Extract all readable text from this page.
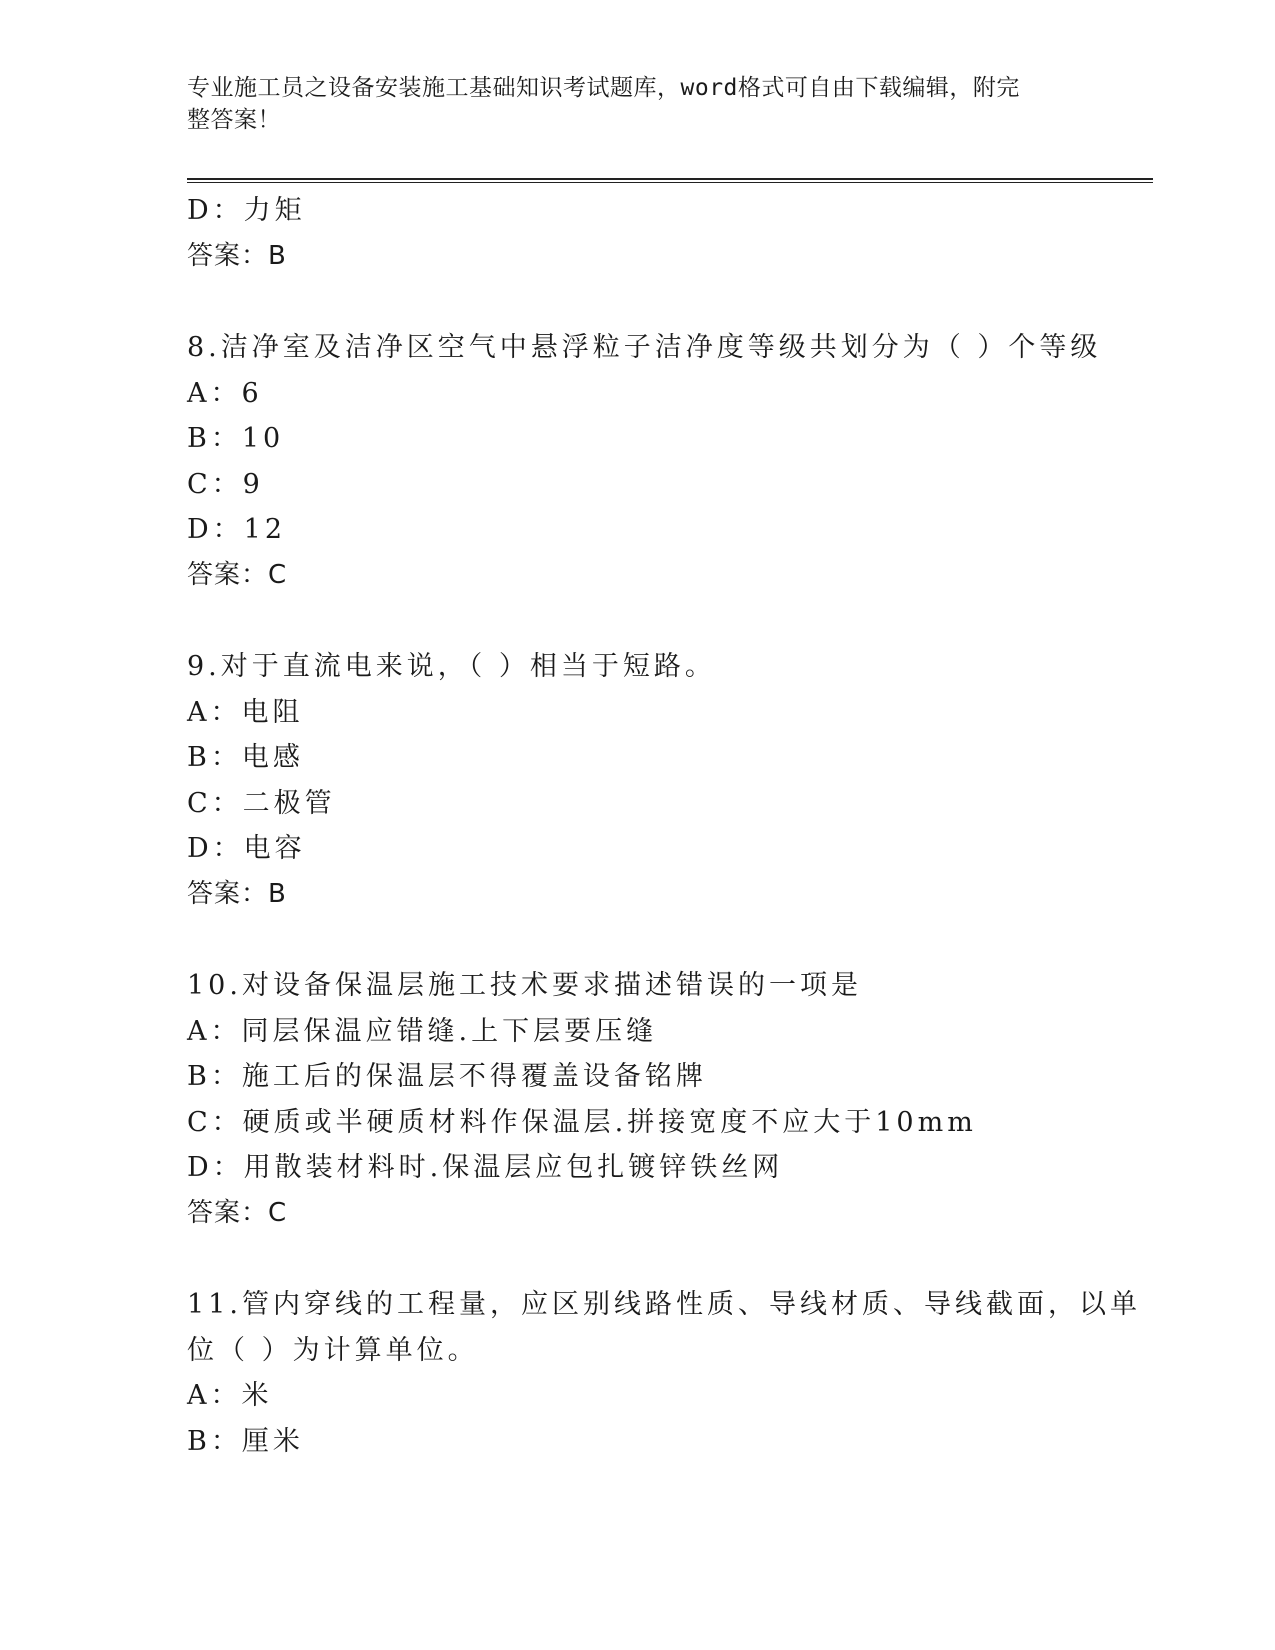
专业施工员之设备安装施工基础知识考试题库，word格式可自由下载编辑，附完
整答案！
D：力矩
答案：B
8.洁净室及洁净区空气中悬浮粒子洁净度等级共划分为（ ）个等级
A：6
B：10
C：9
D：12
答案：C
9.对于直流电来说，（ ）相当于短路。
A：电阻
B：电感
C：二极管
D：电容
答案：B
10.对设备保温层施工技术要求描述错误的一项是
A：同层保温应错缝.上下层要压缝
B：施工后的保温层不得覆盖设备铭牌
C：硬质或半硬质材料作保温层.拼接宽度不应大于10mm
D：用散装材料时.保温层应包扎镀锌铁丝网
答案：C
11.管内穿线的工程量，应区别线路性质、导线材质、导线截面，以单
位（ ）为计算单位。
A：米
B：厘米
